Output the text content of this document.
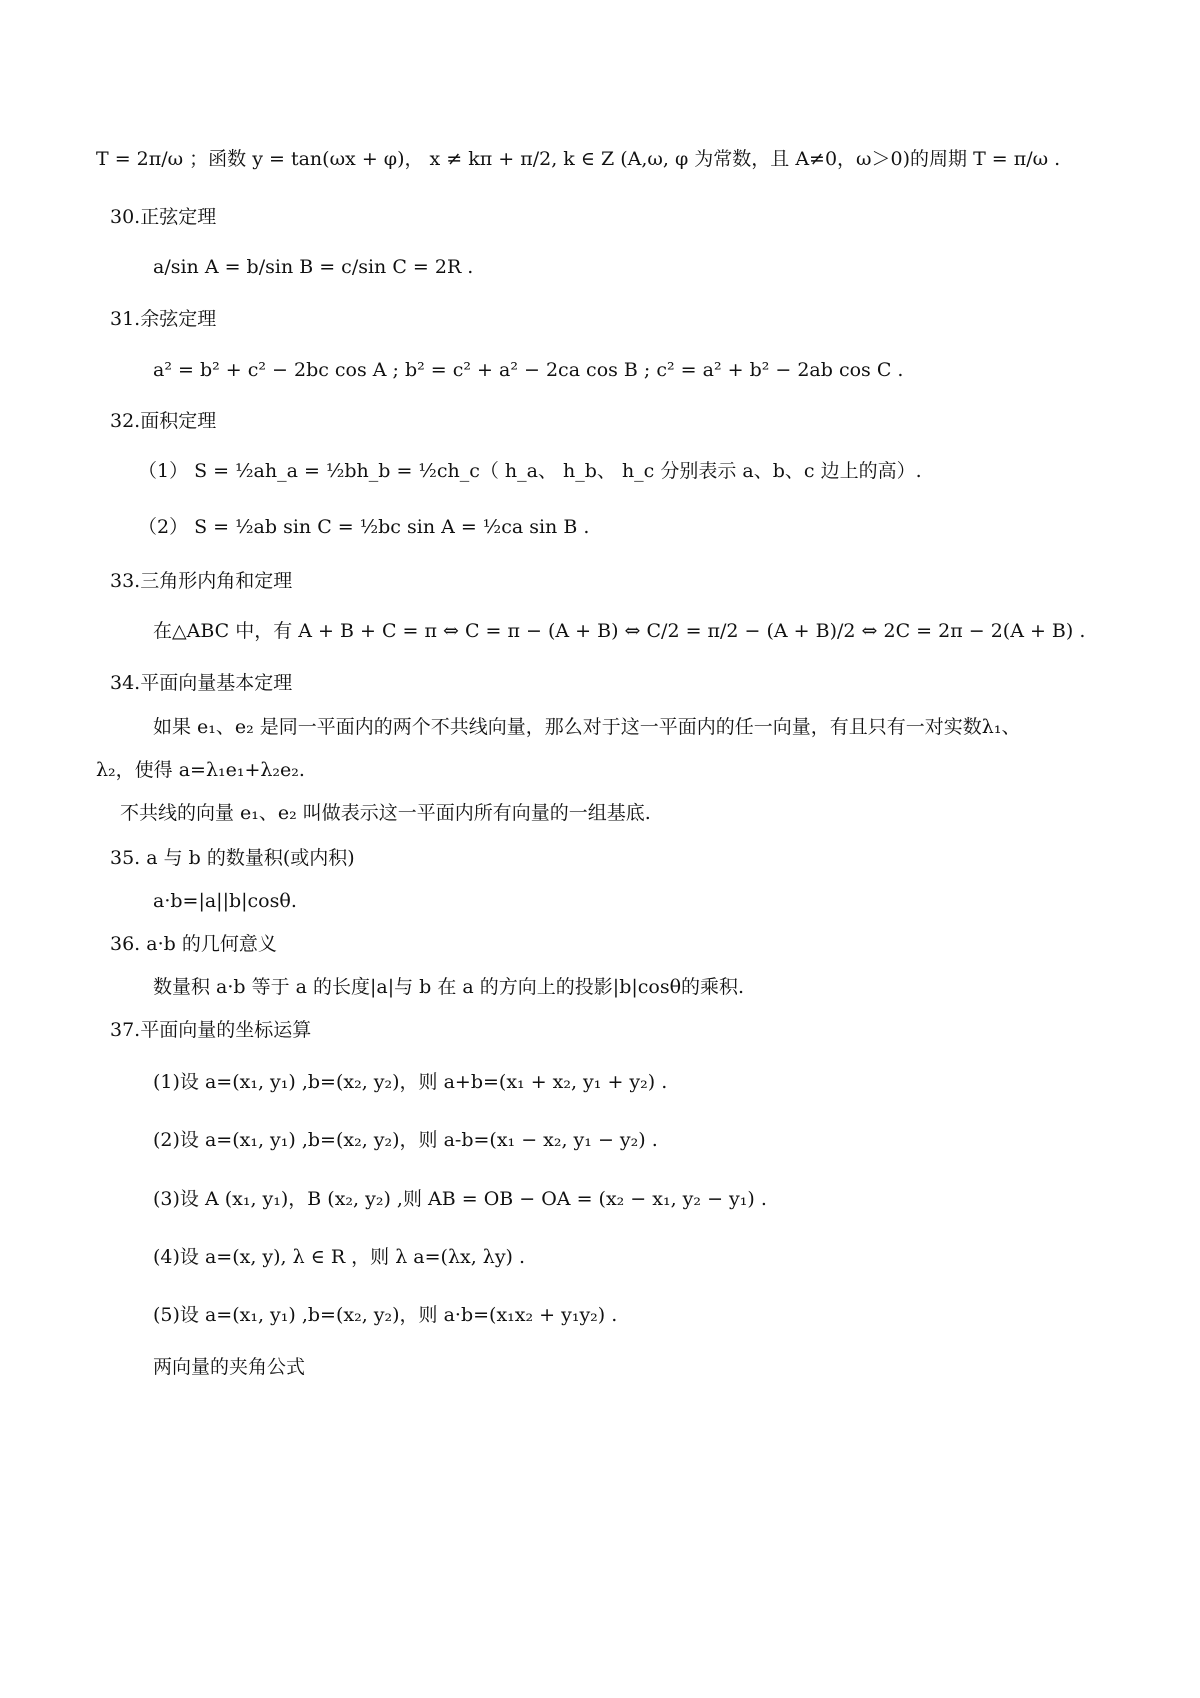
T = 2π/ω ；函数 y = tan(ωx + φ)， x ≠ kπ + π/2, k ∈ Z (A,ω, φ 为常数，且 A≠0，ω＞0)的周期 T = π/ω .
30.正弦定理
a/sin A = b/sin B = c/sin C = 2R .
31.余弦定理
a² = b² + c² − 2bc cos A ; b² = c² + a² − 2ca cos B ; c² = a² + b² − 2ab cos C .
32.面积定理
（1） S = ½ah_a = ½bh_b = ½ch_c（ h_a、 h_b、 h_c 分别表示 a、b、c 边上的高）.
（2） S = ½ab sin C = ½bc sin A = ½ca sin B .
33.三角形内角和定理
在△ABC 中，有 A + B + C = π ⇔ C = π − (A + B) ⇔ C/2 = π/2 − (A + B)/2 ⇔ 2C = 2π − 2(A + B) .
34.平面向量基本定理
如果 e₁、e₂ 是同一平面内的两个不共线向量，那么对于这一平面内的任一向量，有且只有一对实数λ₁、
λ₂，使得 a=λ₁e₁+λ₂e₂.
不共线的向量 e₁、e₂ 叫做表示这一平面内所有向量的一组基底.
35. a 与 b 的数量积(或内积)
a·b=|a||b|cosθ.
36. a·b 的几何意义
数量积 a·b 等于 a 的长度|a|与 b 在 a 的方向上的投影|b|cosθ的乘积.
37.平面向量的坐标运算
(1)设 a=(x₁, y₁) ,b=(x₂, y₂)，则 a+b=(x₁ + x₂, y₁ + y₂) .
(2)设 a=(x₁, y₁) ,b=(x₂, y₂)，则 a-b=(x₁ − x₂, y₁ − y₂) .
(3)设 A (x₁, y₁)，B (x₂, y₂) ,则 AB = OB − OA = (x₂ − x₁, y₂ − y₁) .
(4)设 a=(x, y), λ ∈ R ，则 λ a=(λx, λy) .
(5)设 a=(x₁, y₁) ,b=(x₂, y₂)，则 a·b=(x₁x₂ + y₁y₂) .
两向量的夹角公式
